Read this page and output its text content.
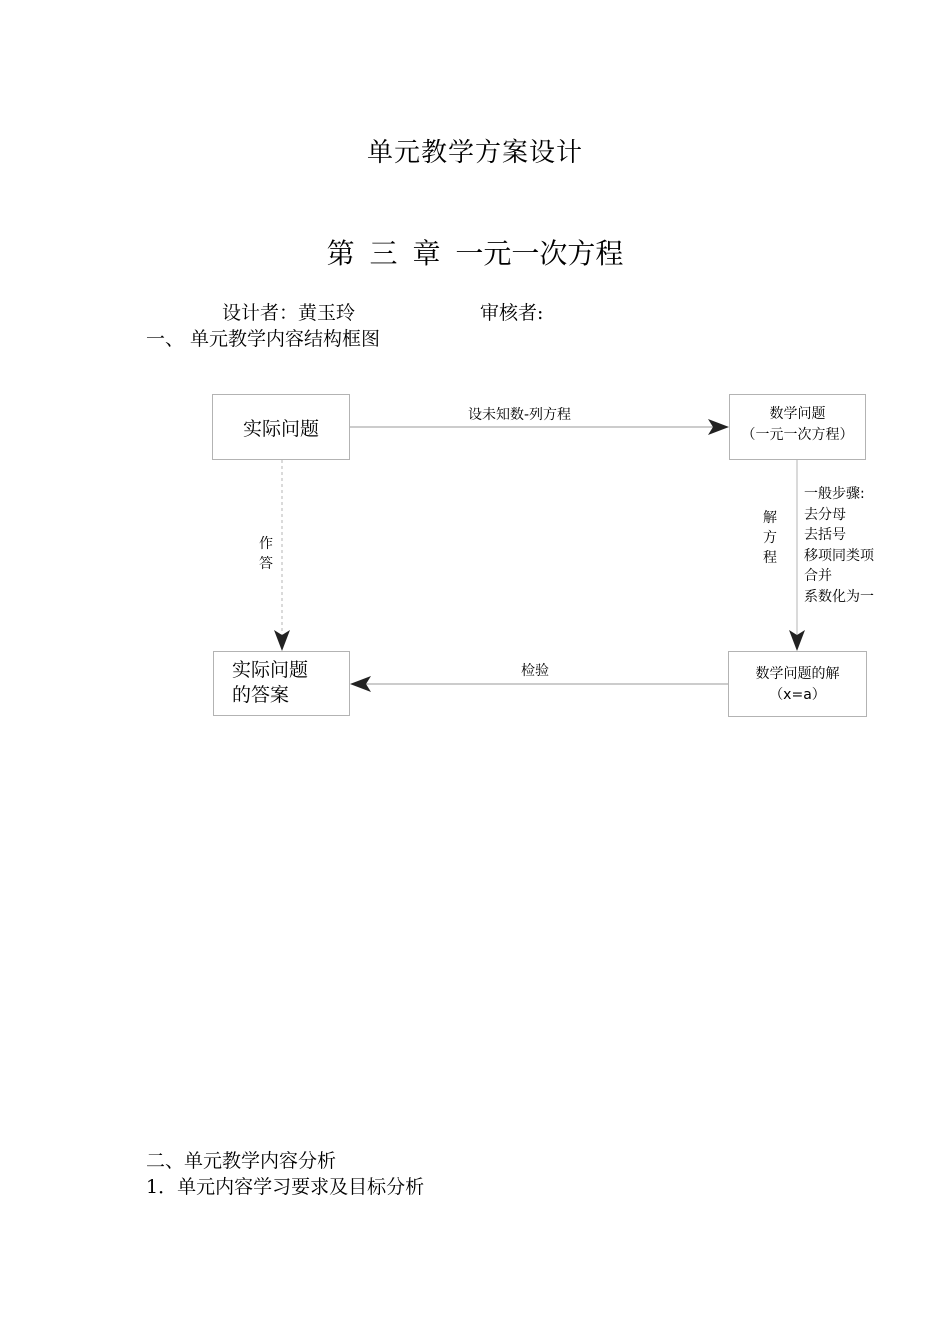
单元教学方案设计
第 三 章 一元一次方程
设计者：黄玉玲	审核者:
一、 单元教学内容结构框图
实际问题
数学问题
（一元一次方程）
实际问题
的答案
数学问题的解
（x=a）
设未知数-列方程
检验
作
答
解
方
程
一般步骤:
去分母
去括号
移项同类项
合并
系数化为一
二、单元教学内容分析
1．单元内容学习要求及目标分析
